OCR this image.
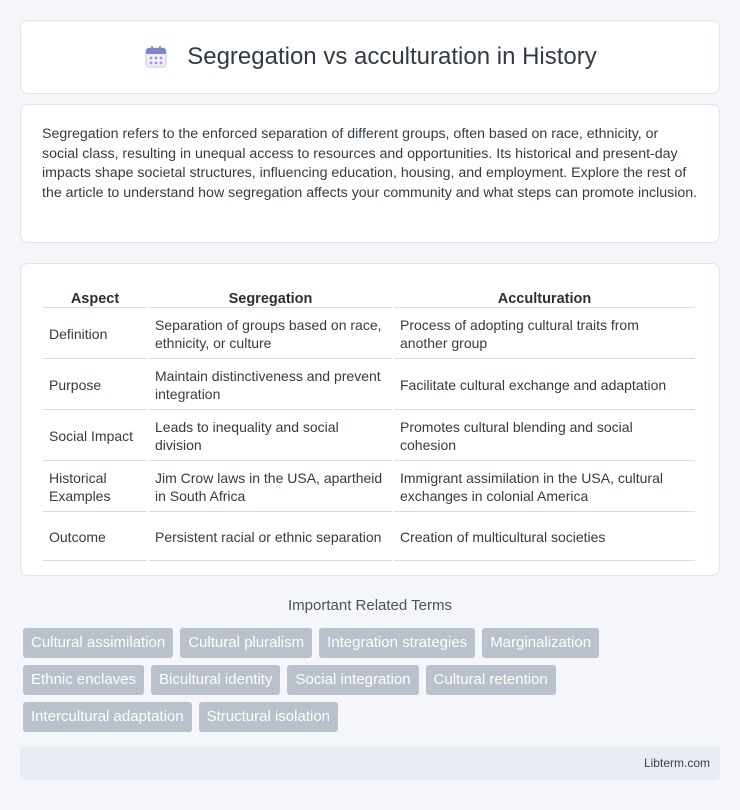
Segregation vs acculturation in History

Segregation refers to the enforced separation of different groups, often based on race, ethnicity, or social class, resulting in unequal access to resources and opportunities. Its historical and present-day impacts shape societal structures, influencing education, housing, and employment. Explore the rest of the article to understand how segregation affects your community and what steps can promote inclusion.

Aspect	Segregation	Acculturation
Definition	Separation of groups based on race, ethnicity, or culture	Process of adopting cultural traits from another group
Purpose	Maintain distinctiveness and prevent integration	Facilitate cultural exchange and adaptation
Social Impact	Leads to inequality and social division	Promotes cultural blending and social cohesion
Historical Examples	Jim Crow laws in the USA, apartheid in South Africa	Immigrant assimilation in the USA, cultural exchanges in colonial America
Outcome	Persistent racial or ethnic separation	Creation of multicultural societies
Important Related Terms
Cultural assimilation	Cultural pluralism	Integration strategies	Marginalization
Ethnic enclaves	Bicultural identity	Social integration	Cultural retention
Intercultural adaptation	Structural isolation
Libterm.com
